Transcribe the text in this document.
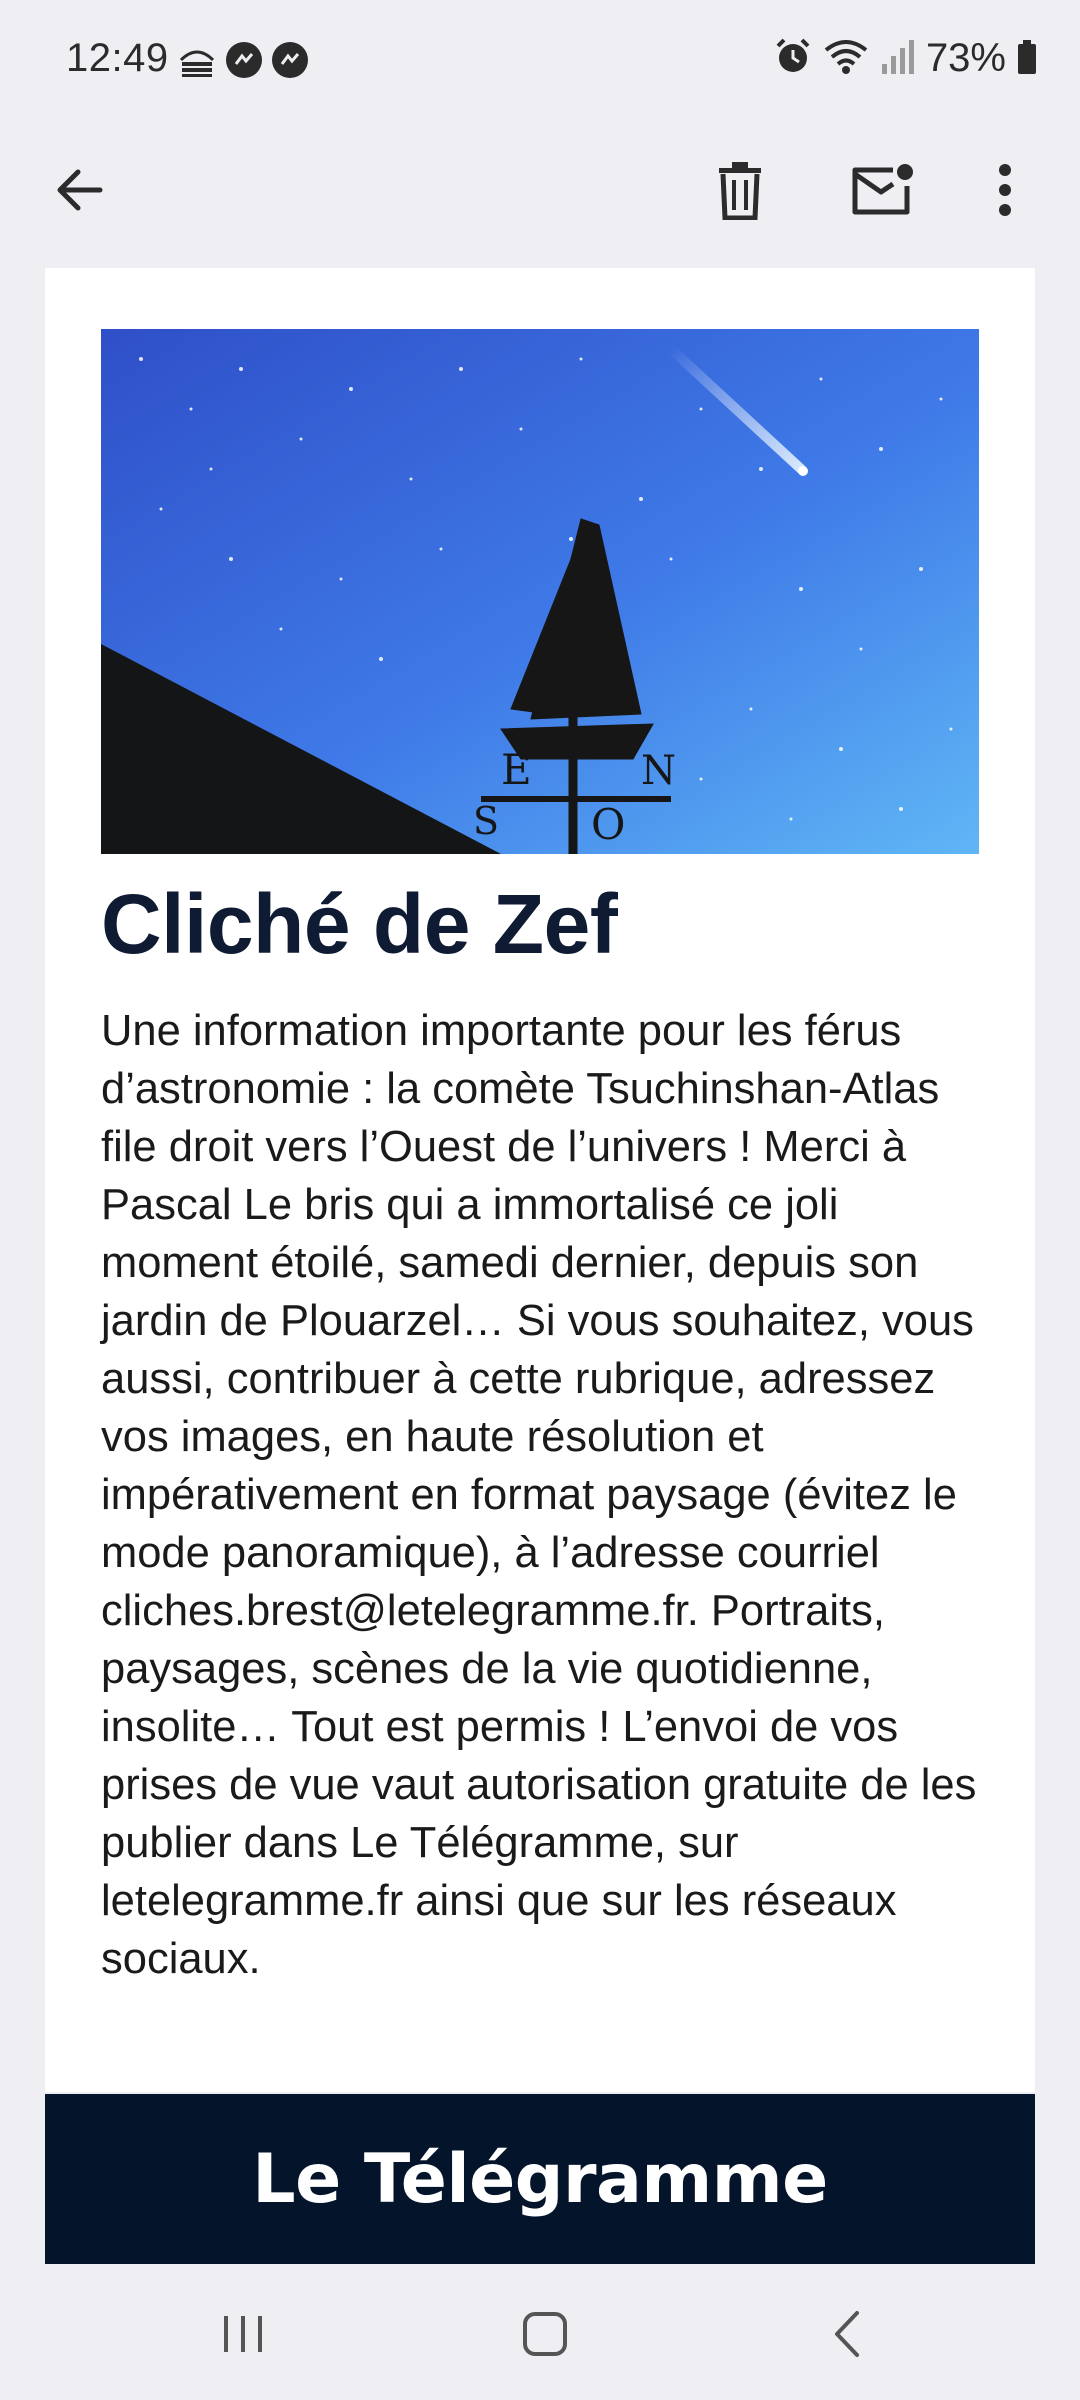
12:49	73%
E	N
S O
Cliché de Zef
Une information importante pour les férus d’astronomie : la comète Tsuchinshan-Atlas file droit vers l’Ouest de l’univers ! Merci à Pascal Le bris qui a immortalisé ce joli moment étoilé, samedi dernier, depuis son jardin de Plouarzel… Si vous souhaitez, vous aussi, contribuer à cette rubrique, adressez vos images, en haute résolution et impérativement en format paysage (évitez le mode panoramique), à l’adresse courriel cliches.brest@letelegramme.fr. Portraits, paysages, scènes de la vie quotidienne, insolite… Tout est permis ! L’envoi de vos prises de vue vaut autorisation gratuite de les publier dans Le Télégramme, sur letelegramme.fr ainsi que sur les réseaux sociaux.
Le Télégramme
